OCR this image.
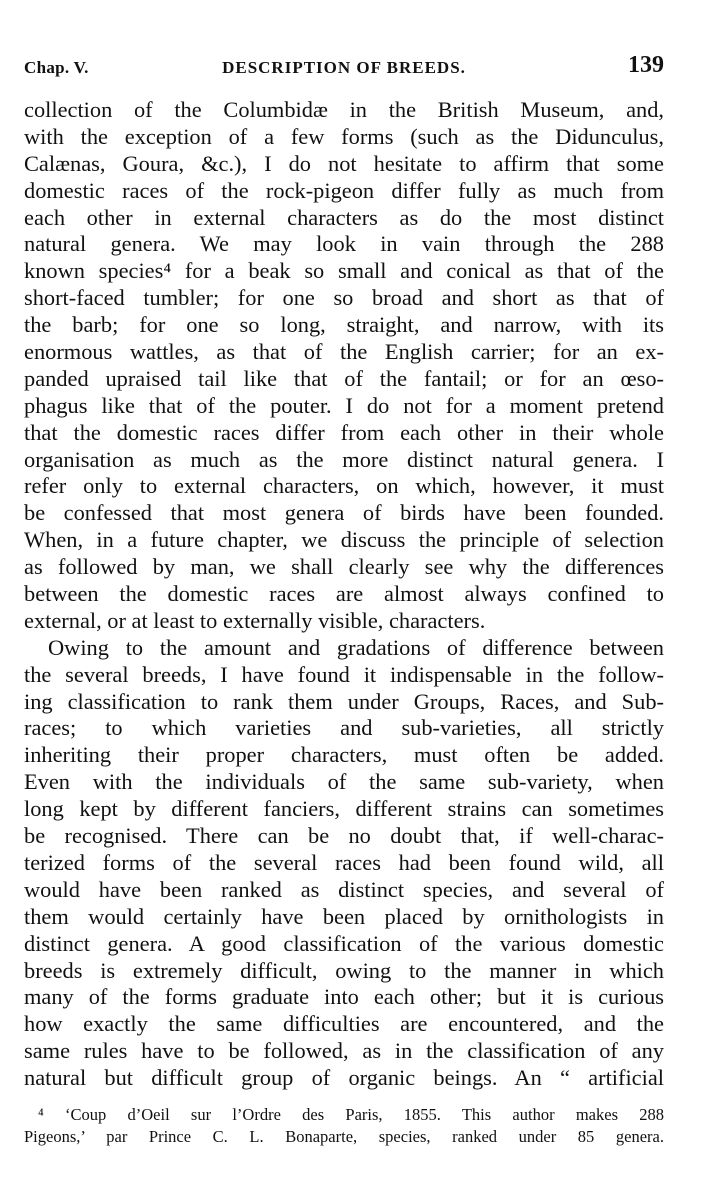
Chap. V.	DESCRIPTION OF BREEDS.	139
collection of the Columbidæ in the British Museum, and,
with the exception of a few forms (such as the Didunculus,
Calænas, Goura, &c.), I do not hesitate to affirm that some
domestic races of the rock-pigeon differ fully as much from
each other in external characters as do the most distinct
natural genera. We may look in vain through the 288
known species⁴ for a beak so small and conical as that of the
short-faced tumbler; for one so broad and short as that of
the barb; for one so long, straight, and narrow, with its
enormous wattles, as that of the English carrier; for an ex-
panded upraised tail like that of the fantail; or for an œso-
phagus like that of the pouter. I do not for a moment pretend
that the domestic races differ from each other in their whole
organisation as much as the more distinct natural genera. I
refer only to external characters, on which, however, it must
be confessed that most genera of birds have been founded.
When, in a future chapter, we discuss the principle of selection
as followed by man, we shall clearly see why the differences
between the domestic races are almost always confined to
external, or at least to externally visible, characters.
Owing to the amount and gradations of difference between
the several breeds, I have found it indispensable in the follow-
ing classification to rank them under Groups, Races, and Sub-
races; to which varieties and sub-varieties, all strictly
inheriting their proper characters, must often be added.
Even with the individuals of the same sub-variety, when
long kept by different fanciers, different strains can sometimes
be recognised. There can be no doubt that, if well-charac-
terized forms of the several races had been found wild, all
would have been ranked as distinct species, and several of
them would certainly have been placed by ornithologists in
distinct genera. A good classification of the various domestic
breeds is extremely difficult, owing to the manner in which
many of the forms graduate into each other; but it is curious
how exactly the same difficulties are encountered, and the
same rules have to be followed, as in the classification of any
natural but difficult group of organic beings. An “ artificial
⁴ ‘Coup d’Oeil sur l’Ordre des Paris, 1855. This author makes 288
Pigeons,’ par Prince C. L. Bonaparte, species, ranked under 85 genera.
